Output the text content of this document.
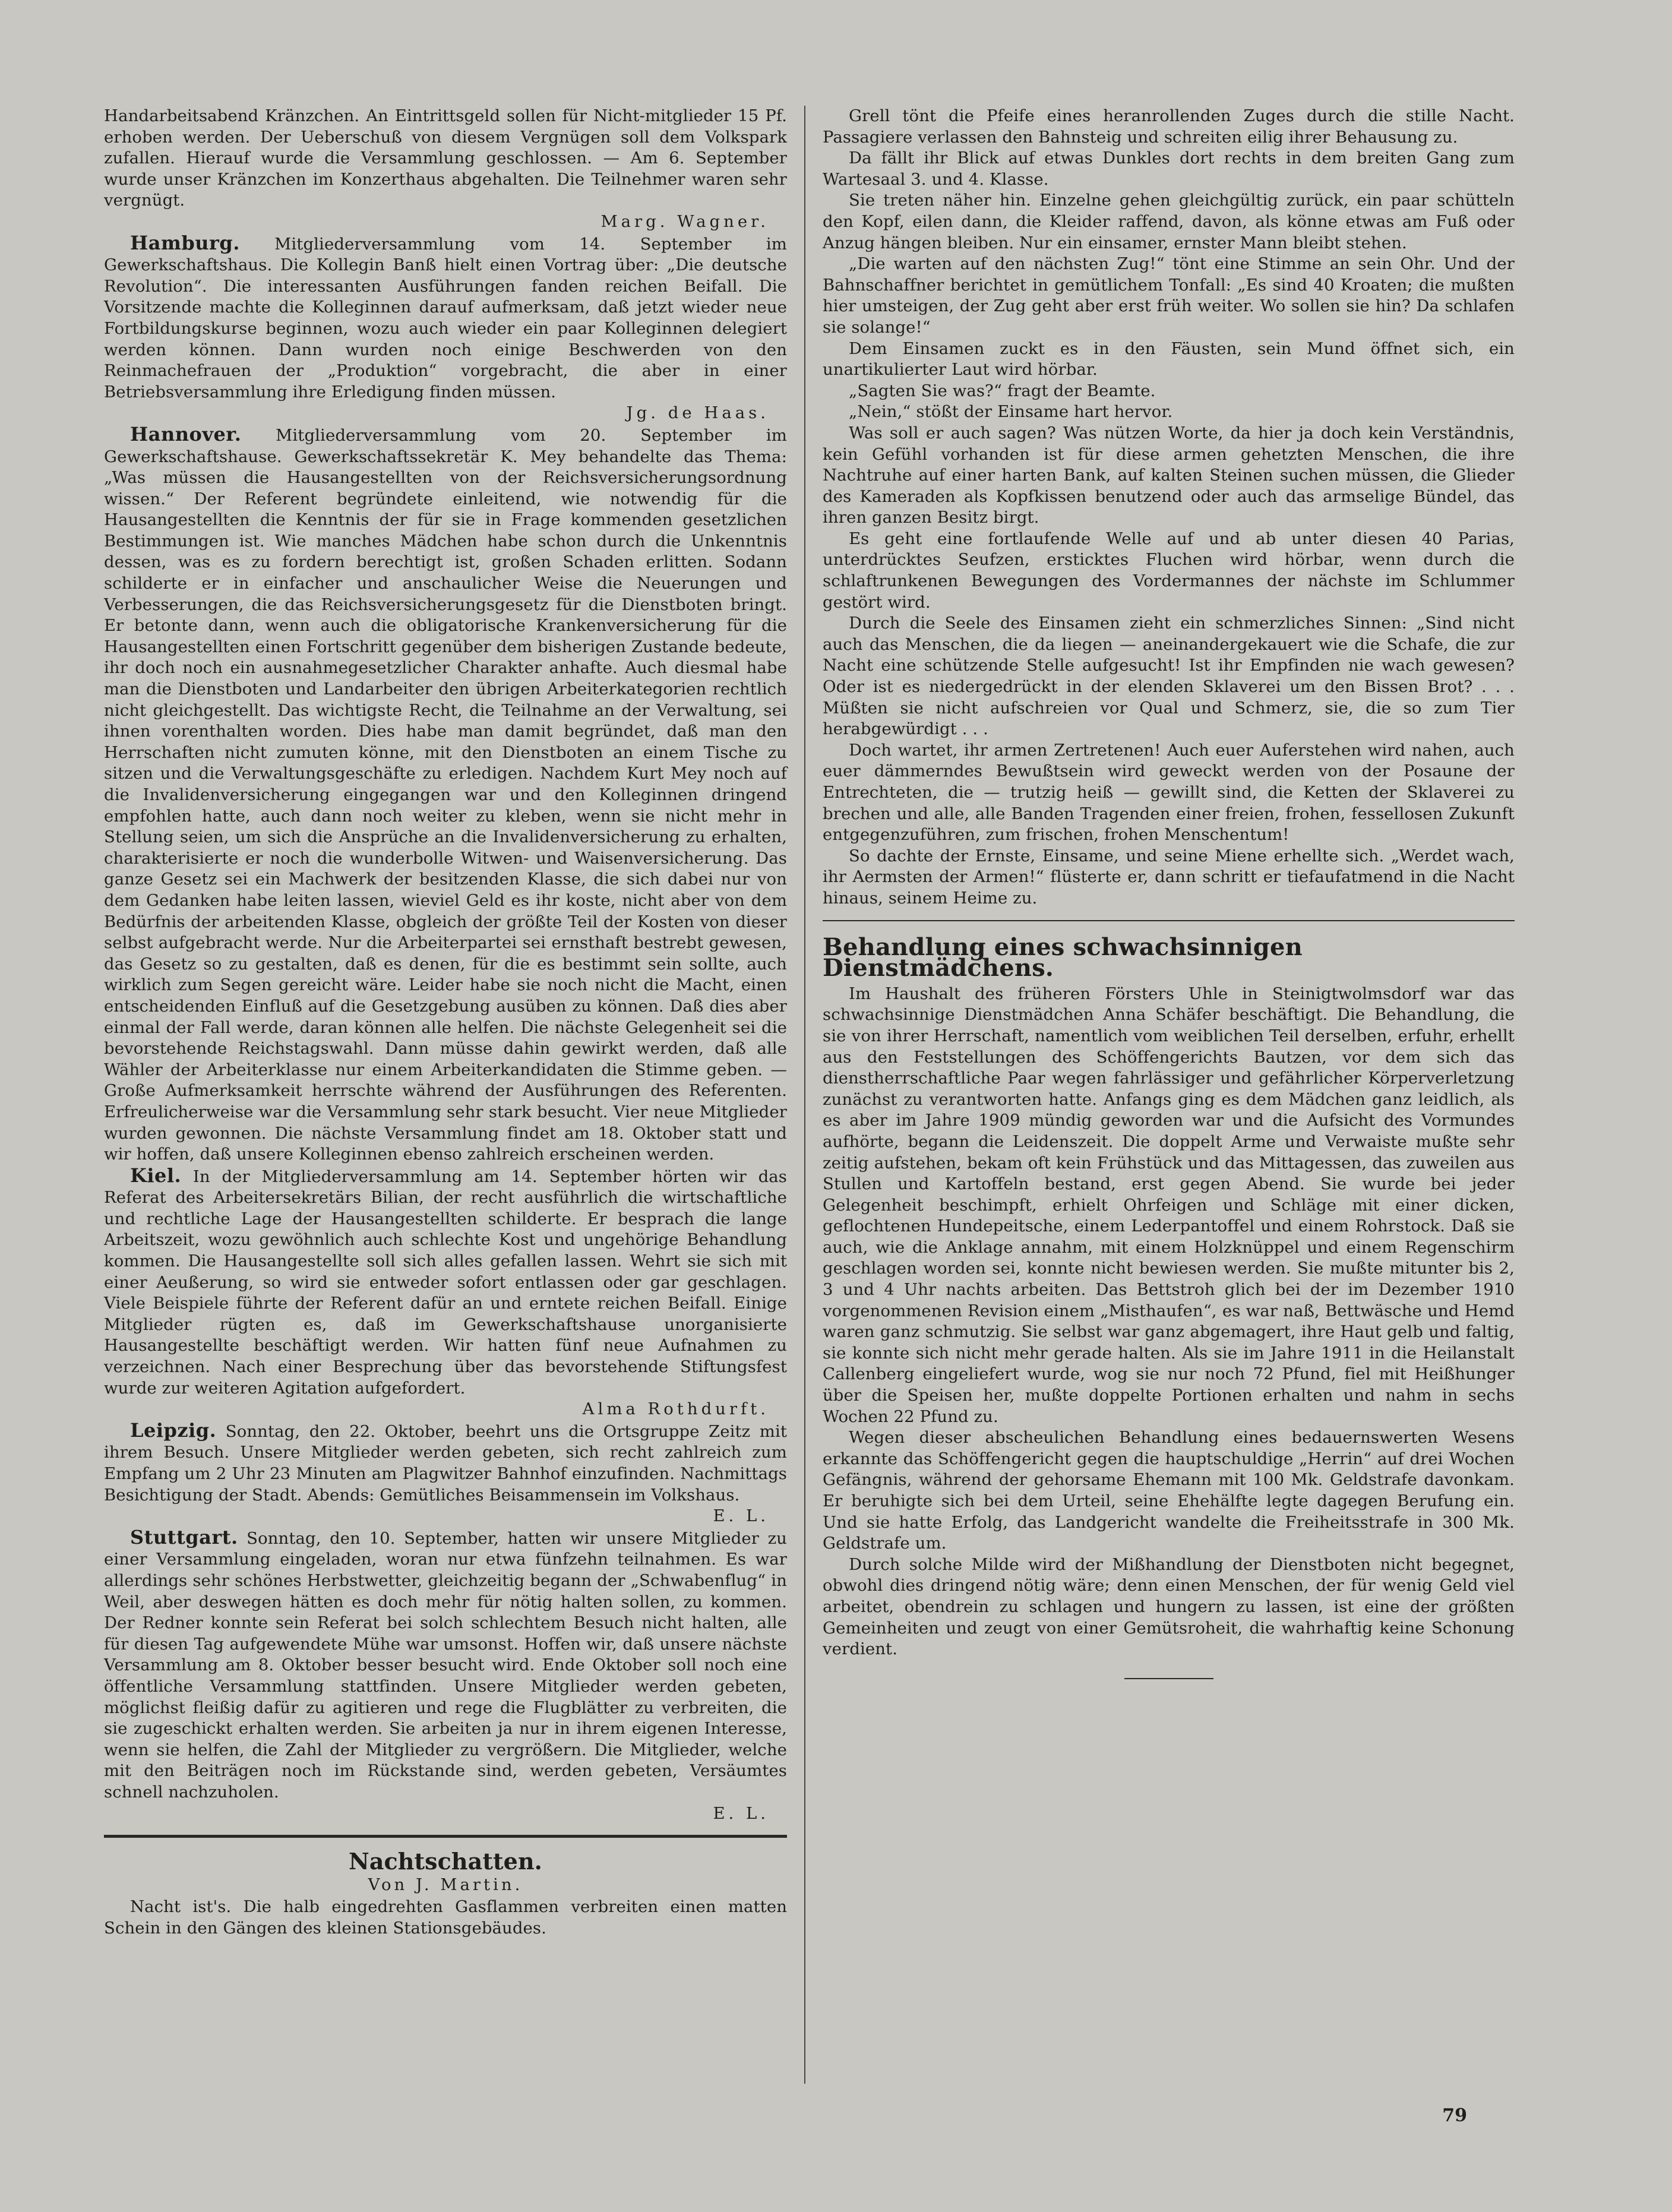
Handarbeitsabend Kränzchen. An Eintrittsgeld sollen für Nicht-mitglieder 15 Pf. erhoben werden. Der Ueberschuß von diesem Vergnügen soll dem Volkspark zufallen. Hierauf wurde die Versammlung geschlossen. — Am 6. September wurde unser Kränzchen im Konzerthaus abgehalten. Die Teilnehmer waren sehr vergnügt.

Marg. Wagner.

Hamburg. Mitgliederversammlung vom 14. September im Gewerkschaftshaus. Die Kollegin Banß hielt einen Vortrag über: „Die deutsche Revolution“. Die interessanten Ausführungen fanden reichen Beifall. Die Vorsitzende machte die Kolleginnen darauf aufmerksam, daß jetzt wieder neue Fortbildungskurse beginnen, wozu auch wieder ein paar Kolleginnen delegiert werden können. Dann wurden noch einige Beschwerden von den Reinmachefrauen der „Produktion“ vorgebracht, die aber in einer Betriebsversammlung ihre Erledigung finden müssen.

Jg. de Haas.

Hannover. Mitgliederversammlung vom 20. September im Gewerkschaftshause. Gewerkschaftssekretär K. Mey behandelte das Thema: „Was müssen die Hausangestellten von der Reichsversicherungsordnung wissen.“ Der Referent begründete einleitend, wie notwendig für die Hausangestellten die Kenntnis der für sie in Frage kommenden gesetzlichen Bestimmungen ist. Wie manches Mädchen habe schon durch die Unkenntnis dessen, was es zu fordern berechtigt ist, großen Schaden erlitten. Sodann schilderte er in einfacher und anschaulicher Weise die Neuerungen und Verbesserungen, die das Reichsversicherungsgesetz für die Dienstboten bringt. Er betonte dann, wenn auch die obligatorische Krankenversicherung für die Hausangestellten einen Fortschritt gegenüber dem bisherigen Zustande bedeute, ihr doch noch ein ausnahmegesetzlicher Charakter anhafte. Auch diesmal habe man die Dienstboten und Landarbeiter den übrigen Arbeiterkategorien rechtlich nicht gleichgestellt. Das wichtigste Recht, die Teilnahme an der Verwaltung, sei ihnen vorenthalten worden. Dies habe man damit begründet, daß man den Herrschaften nicht zumuten könne, mit den Dienstboten an einem Tische zu sitzen und die Verwaltungsgeschäfte zu erledigen. Nachdem Kurt Mey noch auf die Invalidenversicherung eingegangen war und den Kolleginnen dringend empfohlen hatte, auch dann noch weiter zu kleben, wenn sie nicht mehr in Stellung seien, um sich die Ansprüche an die Invalidenversicherung zu erhalten, charakterisierte er noch die wunderbolle Witwen- und Waisenversicherung. Das ganze Gesetz sei ein Machwerk der besitzenden Klasse, die sich dabei nur von dem Gedanken habe leiten lassen, wieviel Geld es ihr koste, nicht aber von dem Bedürfnis der arbeitenden Klasse, obgleich der größte Teil der Kosten von dieser selbst aufgebracht werde. Nur die Arbeiterpartei sei ernsthaft bestrebt gewesen, das Gesetz so zu gestalten, daß es denen, für die es bestimmt sein sollte, auch wirklich zum Segen gereicht wäre. Leider habe sie noch nicht die Macht, einen entscheidenden Einfluß auf die Gesetzgebung ausüben zu können. Daß dies aber einmal der Fall werde, daran können alle helfen. Die nächste Gelegenheit sei die bevorstehende Reichstagswahl. Dann müsse dahin gewirkt werden, daß alle Wähler der Arbeiterklasse nur einem Arbeiterkandidaten die Stimme geben. — Große Aufmerksamkeit herrschte während der Ausführungen des Referenten. Erfreulicherweise war die Versammlung sehr stark besucht. Vier neue Mitglieder wurden gewonnen. Die nächste Versammlung findet am 18. Oktober statt und wir hoffen, daß unsere Kolleginnen ebenso zahlreich erscheinen werden.

Kiel. In der Mitgliederversammlung am 14. September hörten wir das Referat des Arbeitersekretärs Bilian, der recht ausführlich die wirtschaftliche und rechtliche Lage der Hausangestellten schilderte. Er besprach die lange Arbeitszeit, wozu gewöhnlich auch schlechte Kost und ungehörige Behandlung kommen. Die Hausangestellte soll sich alles gefallen lassen. Wehrt sie sich mit einer Aeußerung, so wird sie entweder sofort entlassen oder gar geschlagen. Viele Beispiele führte der Referent dafür an und erntete reichen Beifall. Einige Mitglieder rügten es, daß im Gewerkschaftshause unorganisierte Hausangestellte beschäftigt werden. Wir hatten fünf neue Aufnahmen zu verzeichnen. Nach einer Besprechung über das bevorstehende Stiftungsfest wurde zur weiteren Agitation aufgefordert.

Alma Rothdurft.

Leipzig. Sonntag, den 22. Oktober, beehrt uns die Ortsgruppe Zeitz mit ihrem Besuch. Unsere Mitglieder werden gebeten, sich recht zahlreich zum Empfang um 2 Uhr 23 Minuten am Plagwitzer Bahnhof einzufinden. Nachmittags Besichtigung der Stadt. Abends: Gemütliches Beisammensein im Volkshaus.

E. L.

Stuttgart. Sonntag, den 10. September, hatten wir unsere Mitglieder zu einer Versammlung eingeladen, woran nur etwa fünfzehn teilnahmen. Es war allerdings sehr schönes Herbstwetter, gleichzeitig begann der „Schwabenflug“ in Weil, aber deswegen hätten es doch mehr für nötig halten sollen, zu kommen. Der Redner konnte sein Referat bei solch schlechtem Besuch nicht halten, alle für diesen Tag aufgewendete Mühe war umsonst. Hoffen wir, daß unsere nächste Versammlung am 8. Oktober besser besucht wird. Ende Oktober soll noch eine öffentliche Versammlung stattfinden. Unsere Mitglieder werden gebeten, möglichst fleißig dafür zu agitieren und rege die Flugblätter zu verbreiten, die sie zugeschickt erhalten werden. Sie arbeiten ja nur in ihrem eigenen Interesse, wenn sie helfen, die Zahl der Mitglieder zu vergrößern. Die Mitglieder, welche mit den Beiträgen noch im Rückstande sind, werden gebeten, Versäumtes schnell nachzuholen.

E. L.

Nachtschatten.
Von J. Martin.

Nacht ist's. Die halb eingedrehten Gasflammen verbreiten einen matten Schein in den Gängen des kleinen Stationsgebäudes.

Grell tönt die Pfeife eines heranrollenden Zuges durch die stille Nacht. Passagiere verlassen den Bahnsteig und schreiten eilig ihrer Behausung zu.

Da fällt ihr Blick auf etwas Dunkles dort rechts in dem breiten Gang zum Wartesaal 3. und 4. Klasse.

Sie treten näher hin. Einzelne gehen gleichgültig zurück, ein paar schütteln den Kopf, eilen dann, die Kleider raffend, davon, als könne etwas am Fuß oder Anzug hängen bleiben. Nur ein einsamer, ernster Mann bleibt stehen.

„Die warten auf den nächsten Zug!“ tönt eine Stimme an sein Ohr. Und der Bahnschaffner berichtet in gemütlichem Tonfall: „Es sind 40 Kroaten; die mußten hier umsteigen, der Zug geht aber erst früh weiter. Wo sollen sie hin? Da schlafen sie solange!“

Dem Einsamen zuckt es in den Fäusten, sein Mund öffnet sich, ein unartikulierter Laut wird hörbar.

„Sagten Sie was?“ fragt der Beamte.

„Nein,“ stößt der Einsame hart hervor.

Was soll er auch sagen? Was nützen Worte, da hier ja doch kein Verständnis, kein Gefühl vorhanden ist für diese armen gehetzten Menschen, die ihre Nachtruhe auf einer harten Bank, auf kalten Steinen suchen müssen, die Glieder des Kameraden als Kopfkissen benutzend oder auch das armselige Bündel, das ihren ganzen Besitz birgt.

Es geht eine fortlaufende Welle auf und ab unter diesen 40 Parias, unterdrücktes Seufzen, ersticktes Fluchen wird hörbar, wenn durch die schlaftrunkenen Bewegungen des Vordermannes der nächste im Schlummer gestört wird.

Durch die Seele des Einsamen zieht ein schmerzliches Sinnen: „Sind nicht auch das Menschen, die da liegen — aneinandergekauert wie die Schafe, die zur Nacht eine schützende Stelle aufgesucht! Ist ihr Empfinden nie wach gewesen? Oder ist es niedergedrückt in der elenden Sklaverei um den Bissen Brot? . . . Müßten sie nicht aufschreien vor Qual und Schmerz, sie, die so zum Tier herabgewürdigt . . .

Doch wartet, ihr armen Zertretenen! Auch euer Auferstehen wird nahen, auch euer dämmerndes Bewußtsein wird geweckt werden von der Posaune der Entrechteten, die — trutzig heiß — gewillt sind, die Ketten der Sklaverei zu brechen und alle, alle Banden Tragenden einer freien, frohen, fessellosen Zukunft entgegenzuführen, zum frischen, frohen Menschentum!

So dachte der Ernste, Einsame, und seine Miene erhellte sich. „Werdet wach, ihr Aermsten der Armen!“ flüsterte er, dann schritt er tiefaufatmend in die Nacht hinaus, seinem Heime zu.

Behandlung eines schwachsinnigen Dienstmädchens.

Im Haushalt des früheren Försters Uhle in Steinigtwolmsdorf war das schwachsinnige Dienstmädchen Anna Schäfer beschäftigt. Die Behandlung, die sie von ihrer Herrschaft, namentlich vom weiblichen Teil derselben, erfuhr, erhellt aus den Feststellungen des Schöffengerichts Bautzen, vor dem sich das dienstherrschaftliche Paar wegen fahrlässiger und gefährlicher Körperverletzung zunächst zu verantworten hatte. Anfangs ging es dem Mädchen ganz leidlich, als es aber im Jahre 1909 mündig geworden war und die Aufsicht des Vormundes aufhörte, begann die Leidenszeit. Die doppelt Arme und Verwaiste mußte sehr zeitig aufstehen, bekam oft kein Frühstück und das Mittagessen, das zuweilen aus Stullen und Kartoffeln bestand, erst gegen Abend. Sie wurde bei jeder Gelegenheit beschimpft, erhielt Ohrfeigen und Schläge mit einer dicken, geflochtenen Hundepeitsche, einem Lederpantoffel und einem Rohrstock. Daß sie auch, wie die Anklage annahm, mit einem Holzknüppel und einem Regenschirm geschlagen worden sei, konnte nicht bewiesen werden. Sie mußte mitunter bis 2, 3 und 4 Uhr nachts arbeiten. Das Bettstroh glich bei der im Dezember 1910 vorgenommenen Revision einem „Misthaufen“, es war naß, Bettwäsche und Hemd waren ganz schmutzig. Sie selbst war ganz abgemagert, ihre Haut gelb und faltig, sie konnte sich nicht mehr gerade halten. Als sie im Jahre 1911 in die Heilanstalt Callenberg eingeliefert wurde, wog sie nur noch 72 Pfund, fiel mit Heißhunger über die Speisen her, mußte doppelte Portionen erhalten und nahm in sechs Wochen 22 Pfund zu.

Wegen dieser abscheulichen Behandlung eines bedauernswerten Wesens erkannte das Schöffengericht gegen die hauptschuldige „Herrin“ auf drei Wochen Gefängnis, während der gehorsame Ehemann mit 100 Mk. Geldstrafe davonkam. Er beruhigte sich bei dem Urteil, seine Ehehälfte legte dagegen Berufung ein. Und sie hatte Erfolg, das Landgericht wandelte die Freiheitsstrafe in 300 Mk. Geldstrafe um.

Durch solche Milde wird der Mißhandlung der Dienstboten nicht begegnet, obwohl dies dringend nötig wäre; denn einen Menschen, der für wenig Geld viel arbeitet, obendrein zu schlagen und hungern zu lassen, ist eine der größten Gemeinheiten und zeugt von einer Gemütsroheit, die wahrhaftig keine Schonung verdient.

79
